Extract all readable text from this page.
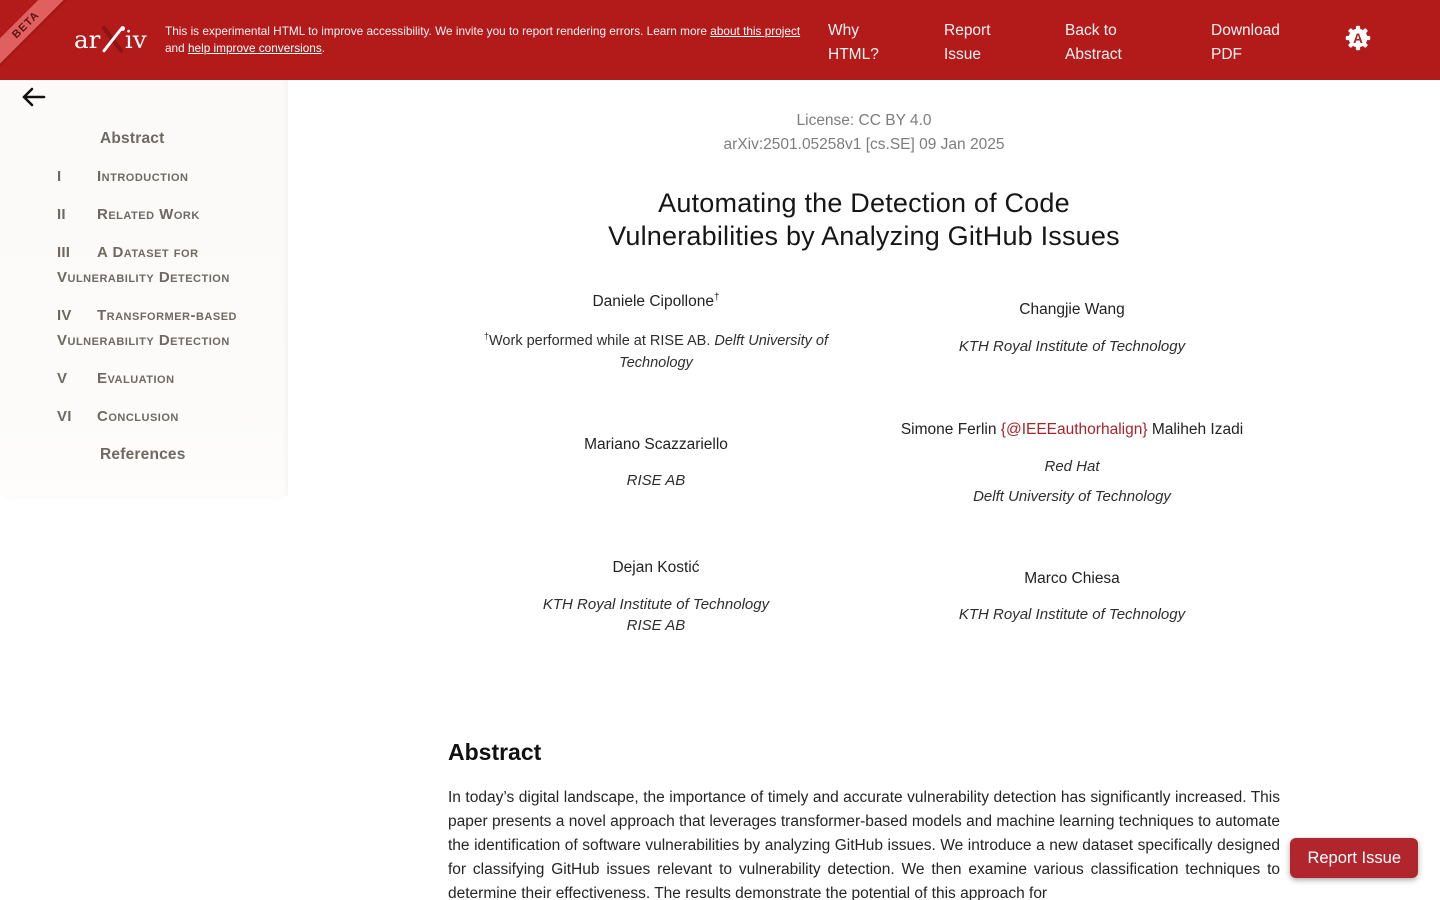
BETA	ar iv This is experimental HTML to improve accessibility. We invite you to report rendering errors. Learn more about this project and help improve conversions.
Why HTML?
Report Issue
Back to Abstract
Download PDF
A
Abstract
I Introduction
II Related Work
III A Dataset for Vulnerability Detection
IV Transformer-based Vulnerability Detection
V Evaluation
VI Conclusion
References
License: CC BY 4.0
arXiv:2501.05258v1 [cs.SE] 09 Jan 2025
Automating the Detection of Code
Vulnerabilities by Analyzing GitHub Issues
Daniele Cipollone†
†Work performed while at RISE AB. Delft University of Technology
Changjie Wang
KTH Royal Institute of Technology
Mariano Scazzariello
RISE AB
Simone Ferlin {@IEEEauthorhalign} Maliheh Izadi
Red Hat
Delft University of Technology
Dejan Kostić
KTH Royal Institute of Technology
RISE AB
Marco Chiesa
KTH Royal Institute of Technology
Abstract

In today’s digital landscape, the importance of timely and accurate vulnerability detection has significantly increased. This paper presents a novel approach that leverages transformer-based models and machine learning techniques to automate the identification of software vulnerabilities by analyzing GitHub issues. We introduce a new dataset specifically designed for classifying GitHub issues relevant to vulnerability detection. We then examine various classification techniques to determine their effectiveness. The results demonstrate the potential of this approach for

Report Issue
